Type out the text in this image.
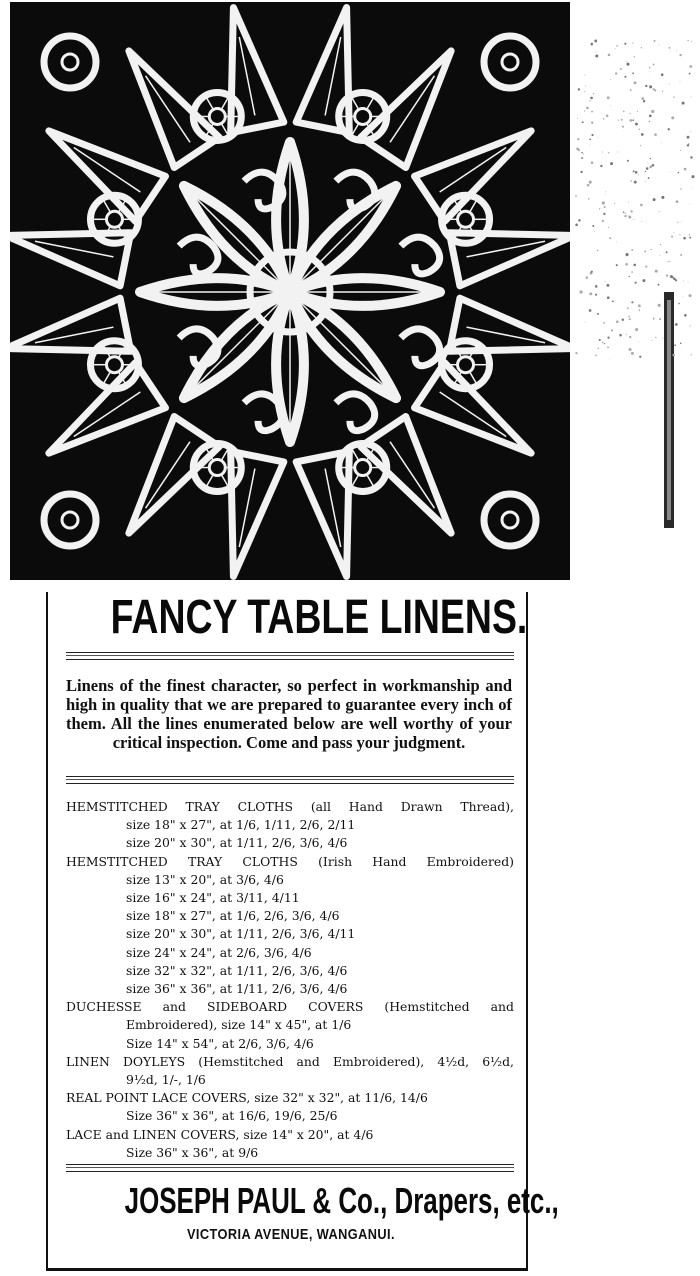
FANCY TABLE LINENS.
Linens of the finest character, so perfect in workmanship and high in quality that we are prepared to guarantee every inch of them. All the lines enumerated below are well worthy of your critical inspection. Come and pass your judgment.
HEMSTITCHED TRAY CLOTHS (all Hand Drawn Thread),
size 18" x 27", at 1/6, 1/11, 2/6, 2/11
size 20" x 30", at 1/11, 2/6, 3/6, 4/6
HEMSTITCHED TRAY CLOTHS (Irish Hand Embroidered)
size 13" x 20", at 3/6, 4/6
size 16" x 24", at 3/11, 4/11
size 18" x 27", at 1/6, 2/6, 3/6, 4/6
size 20" x 30", at 1/11, 2/6, 3/6, 4/11
size 24" x 24", at 2/6, 3/6, 4/6
size 32" x 32", at 1/11, 2/6, 3/6, 4/6
size 36" x 36", at 1/11, 2/6, 3/6, 4/6
DUCHESSE and SIDEBOARD COVERS (Hemstitched and
Embroidered), size 14" x 45", at 1/6
Size 14" x 54", at 2/6, 3/6, 4/6
LINEN DOYLEYS (Hemstitched and Embroidered), 4½d, 6½d,
9½d, 1/-, 1/6
REAL POINT LACE COVERS, size 32" x 32", at 11/6, 14/6
Size 36" x 36", at 16/6, 19/6, 25/6
LACE and LINEN COVERS, size 14" x 20", at 4/6
Size 36" x 36", at 9/6
JOSEPH PAUL & Co., Drapers, etc.,
VICTORIA AVENUE, WANGANUI.
